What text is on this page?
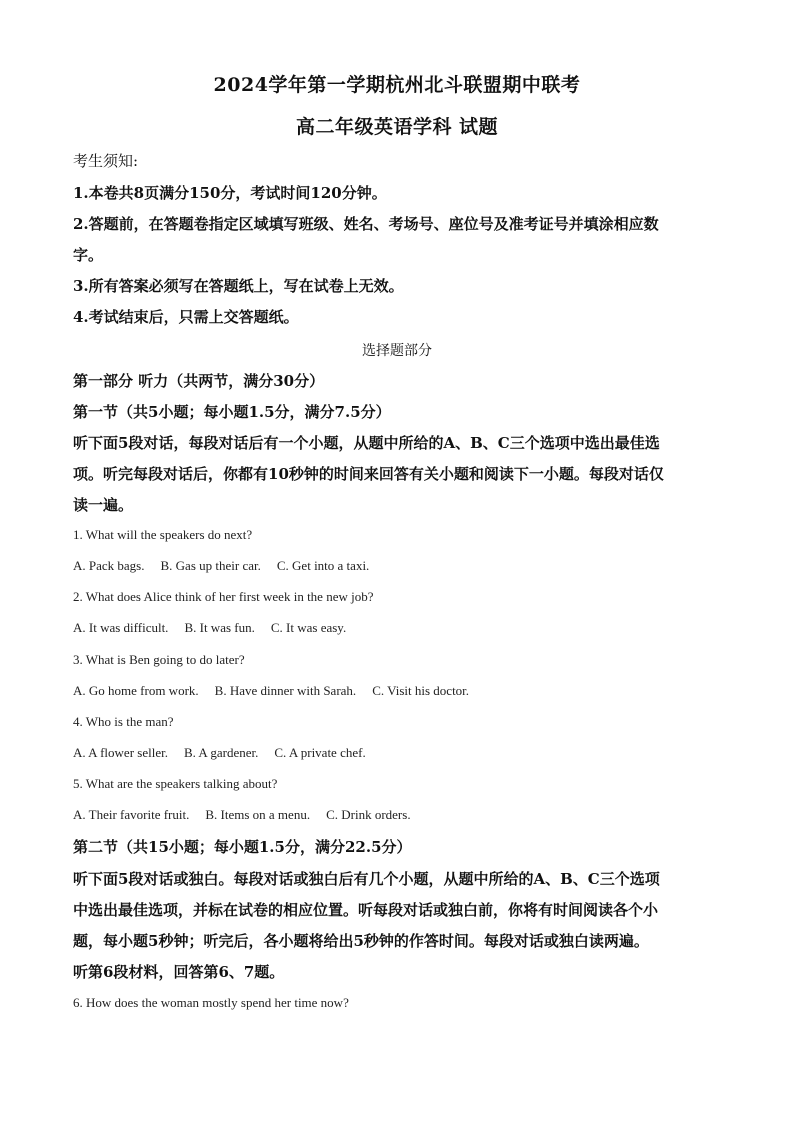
2024学年第一学期杭州北斗联盟期中联考
高二年级英语学科 试题
考生须知:
1.本卷共8页满分150分，考试时间120分钟。
2.答题前，在答题卷指定区域填写班级、姓名、考场号、座位号及准考证号并填涂相应数
字。
3.所有答案必须写在答题纸上，写在试卷上无效。
4.考试结束后，只需上交答题纸。
选择题部分
第一部分 听力（共两节，满分30分）
第一节（共5小题；每小题1.5分，满分7.5分）
听下面5段对话，每段对话后有一个小题，从题中所给的A、B、C三个选项中选出最佳选
项。听完每段对话后，你都有10秒钟的时间来回答有关小题和阅读下一小题。每段对话仅
读一遍。
1. What will the speakers do next?
A. Pack bags. B. Gas up their car. C. Get into a taxi.
2. What does Alice think of her first week in the new job?
A. It was difficult. B. It was fun. C. It was easy.
3. What is Ben going to do later?
A. Go home from work. B. Have dinner with Sarah. C. Visit his doctor.
4. Who is the man?
A. A flower seller. B. A gardener. C. A private chef.
5. What are the speakers talking about?
A. Their favorite fruit. B. Items on a menu. C. Drink orders.
第二节（共15小题；每小题1.5分，满分22.5分）
听下面5段对话或独白。每段对话或独白后有几个小题，从题中所给的A、B、C三个选项
中选出最佳选项，并标在试卷的相应位置。听每段对话或独白前，你将有时间阅读各个小
题，每小题5秒钟；听完后，各小题将给出5秒钟的作答时间。每段对话或独白读两遍。
听第6段材料，回答第6、7题。
6. How does the woman mostly spend her time now?
